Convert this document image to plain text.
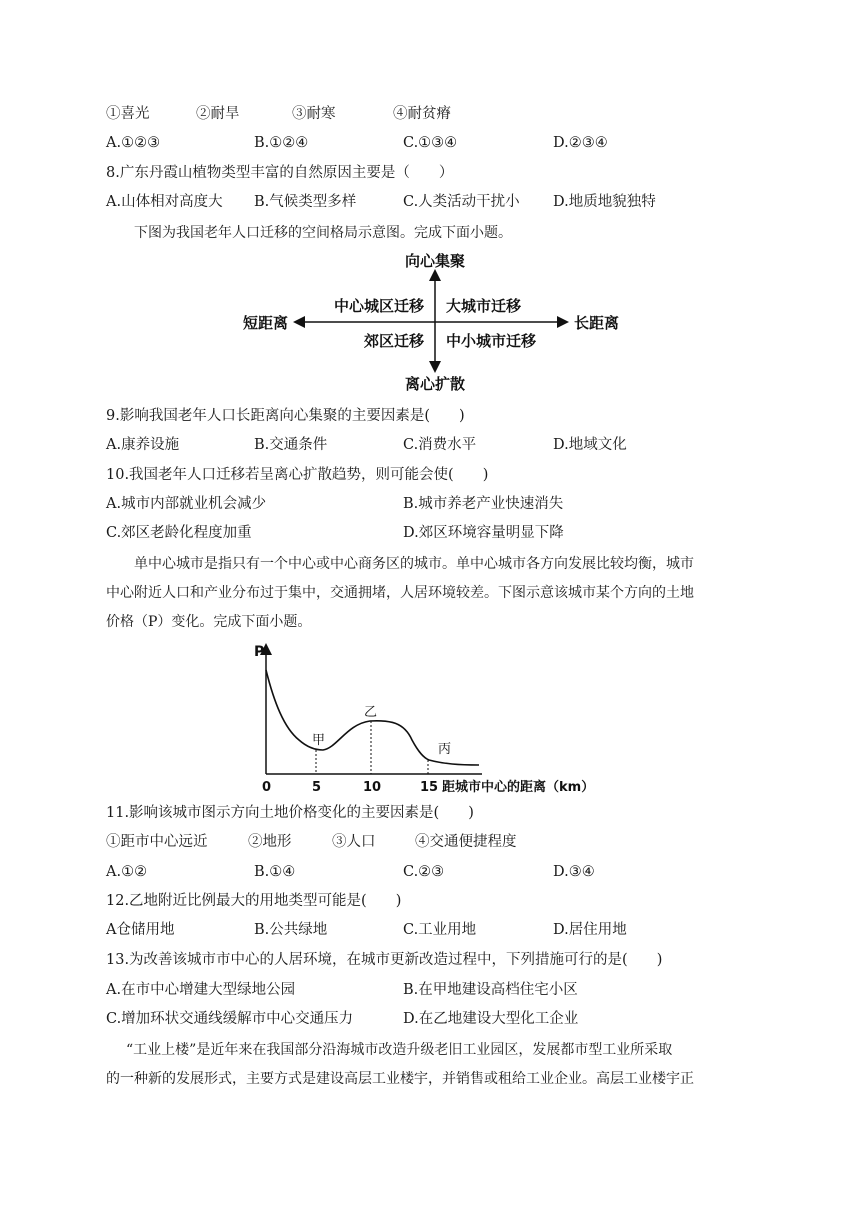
①喜光	②耐旱	③耐寒	④耐贫瘠
A.①②③	B.①②④	C.①③④	D.②③④
8.广东丹霞山植物类型丰富的自然原因主要是（　　）
A.山体相对高度大 B.气候类型多样	C.人类活动干扰小 D.地质地貌独特
下图为我国老年人口迁移的空间格局示意图。完成下面小题。
向心集聚
离心扩散
短距离	长距离
中心城区迁移 大城市迁移
郊区迁移 中小城市迁移
9.影响我国老年人口长距离向心集聚的主要因素是(　　)
A.康养设施	B.交通条件	C.消费水平	D.地域文化
10.我国老年人口迁移若呈离心扩散趋势，则可能会使(　　)
A.城市内部就业机会减少	B.城市养老产业快速消失
C.郊区老龄化程度加重	D.郊区环境容量明显下降
单中心城市是指只有一个中心或中心商务区的城市。单中心城市各方向发展比较均衡，城市
中心附近人口和产业分布过于集中，交通拥堵，人居环境较差。下图示意该城市某个方向的土地
价格（P）变化。完成下面小题。
P
甲
乙
丙
0	5	10	15 距城市中心的距离（km）
11.影响该城市图示方向土地价格变化的主要因素是(　　)
①距市中心远近	②地形	③人口	④交通便捷程度
A.①②	B.①④	C.②③	D.③④
12.乙地附近比例最大的用地类型可能是(　　)
A仓储用地	B.公共绿地	C.工业用地	D.居住用地
13.为改善该城市市中心的人居环境，在城市更新改造过程中，下列措施可行的是(　　)
A.在市中心增建大型绿地公园	B.在甲地建设高档住宅小区
C.增加环状交通线缓解市中心交通压力	D.在乙地建设大型化工企业
“工业上楼”是近年来在我国部分沿海城市改造升级老旧工业园区，发展都市型工业所采取
的一种新的发展形式，主要方式是建设高层工业楼宇，并销售或租给工业企业。高层工业楼宇正
